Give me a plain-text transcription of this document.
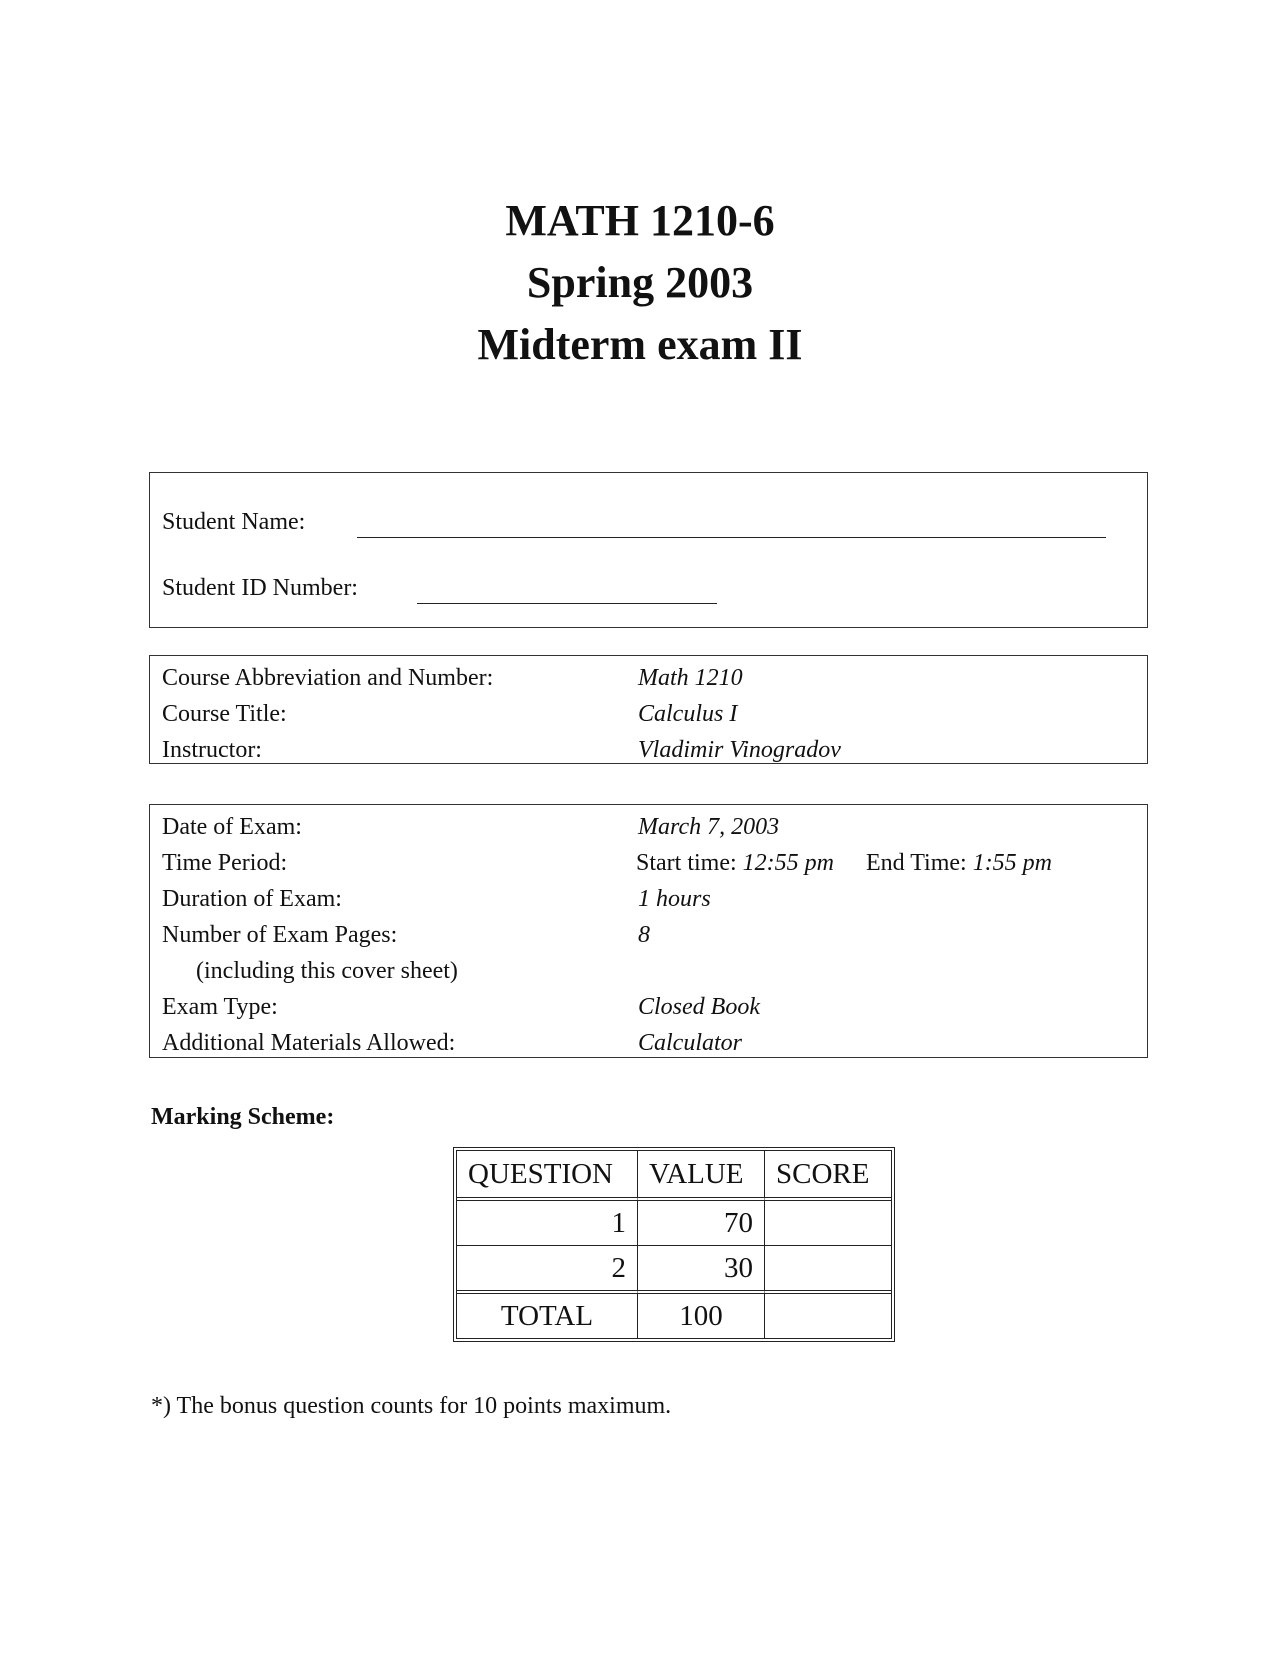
MATH 1210-6
Spring 2003
Midterm exam II
Student Name:
Student ID Number:
Course Abbreviation and Number:	Math 1210
Course Title:	Calculus I
Instructor:	Vladimir Vinogradov
Date of Exam:	March 7, 2003
Time Period:	Start time: 12:55 pm End Time: 1:55 pm
Duration of Exam:	1 hours
Number of Exam Pages:	8
(including this cover sheet)
Exam Type:	Closed Book
Additional Materials Allowed:	Calculator
Marking Scheme:
QUESTION	VALUE	SCORE
1	70	
2	30	
TOTAL	100	
*) The bonus question counts for 10 points maximum.
